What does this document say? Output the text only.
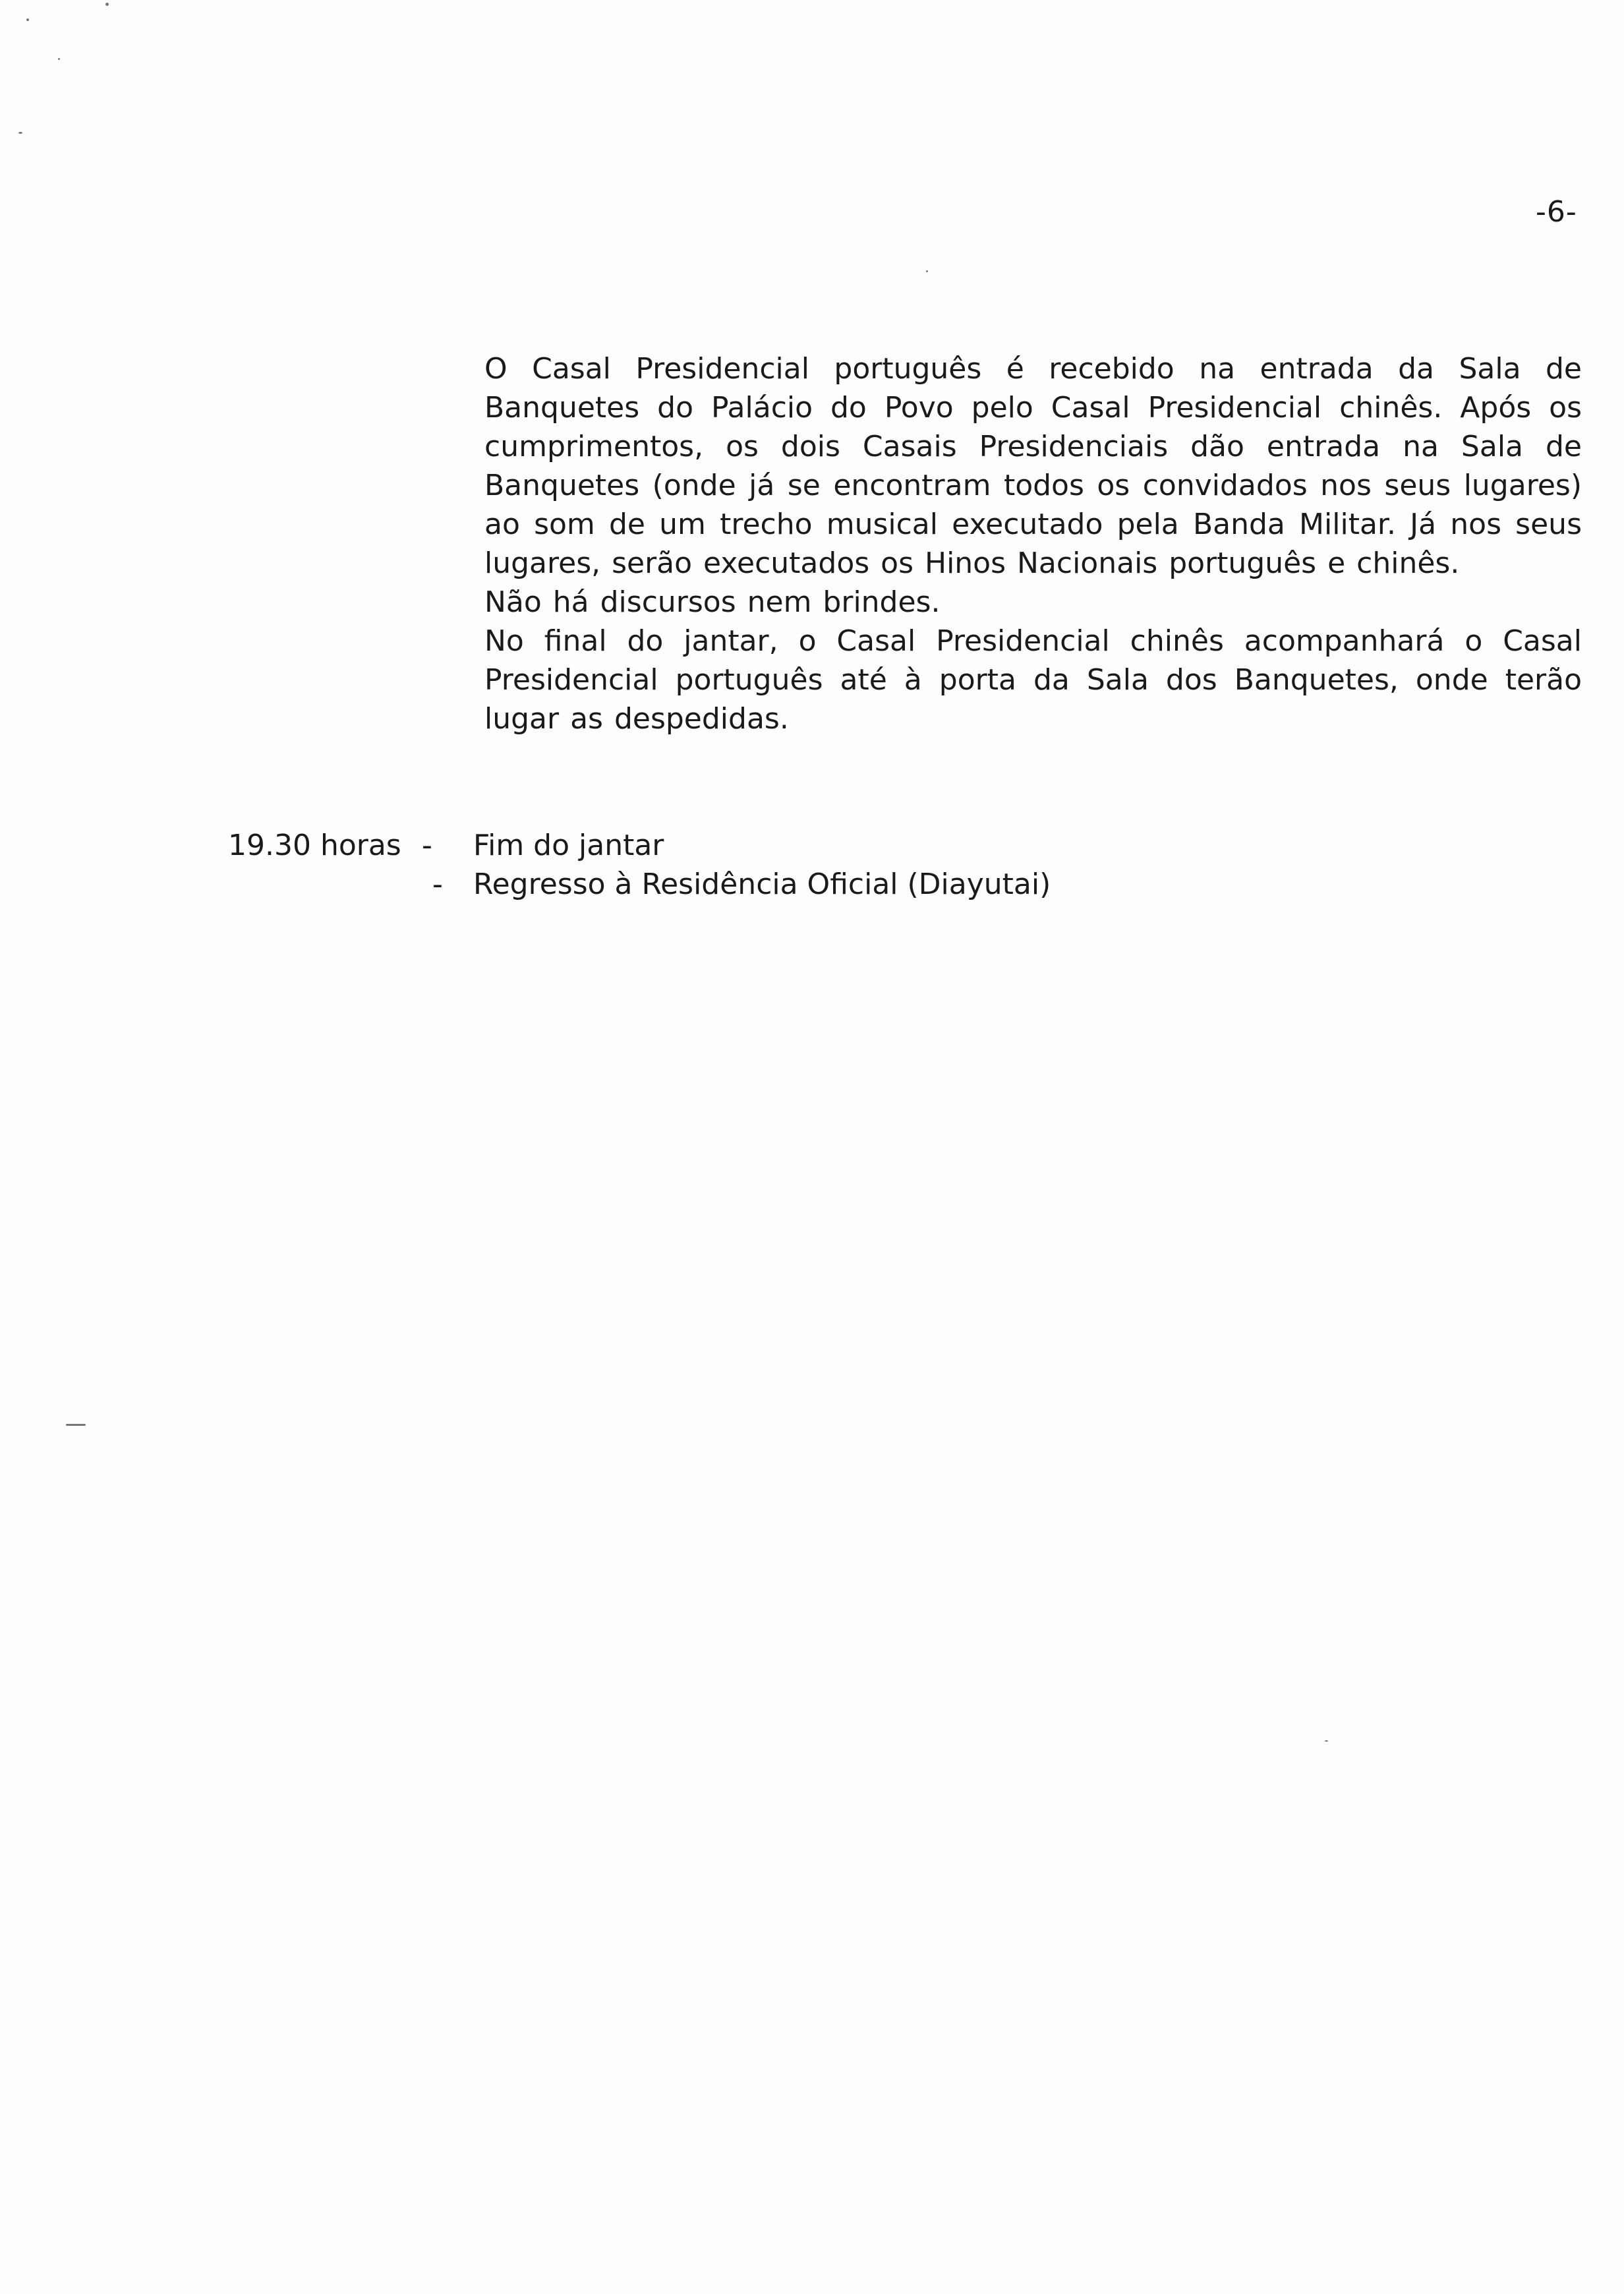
-6-

O Casal Presidencial português é recebido na entrada da Sala de Banquetes do Palácio do Povo pelo Casal Presidencial chinês. Após os cumprimentos, os dois Casais Presidenciais dão entrada na Sala de Banquetes (onde já se encontram todos os convidados nos seus lugares) ao som de um trecho musical executado pela Banda Militar. Já nos seus lugares, serão executados os Hinos Nacionais português e chinês.

Não há discursos nem brindes.

No final do jantar, o Casal Presidencial chinês acompanhará o Casal Presidencial português até à porta da Sala dos Banquetes, onde terão lugar as despedidas.

19.30 horas - Fim do jantar
- Regresso à Residência Oficial (Diayutai)
